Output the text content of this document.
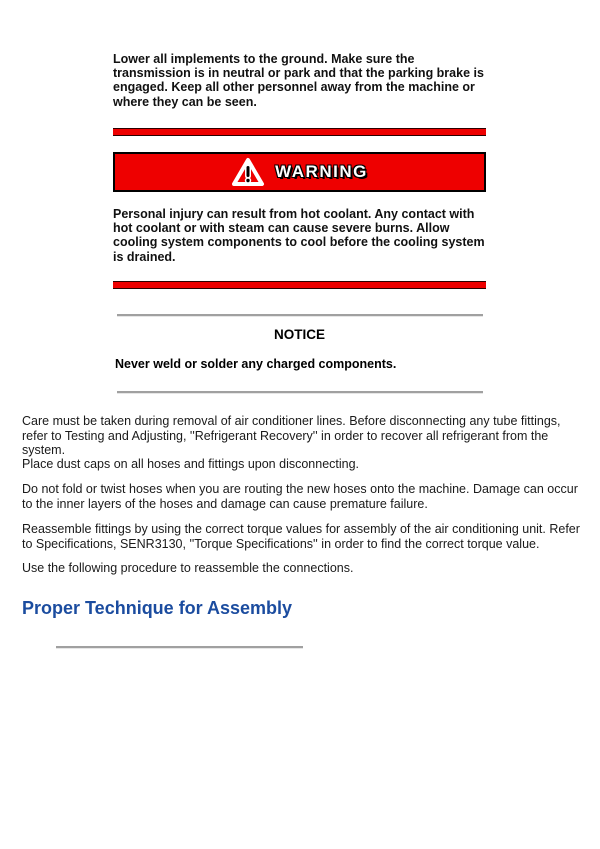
Lower all implements to the ground. Make sure the transmission is in neutral or park and that the parking brake is engaged. Keep all other personnel away from the machine or where they can be seen.

WARNING

Personal injury can result from hot coolant. Any contact with hot coolant or with steam can cause severe burns. Allow cooling system components to cool before the cooling system is drained.

NOTICE

Never weld or solder any charged components.

Care must be taken during removal of air conditioner lines. Before disconnecting any tube fittings, refer to Testing and Adjusting, ''Refrigerant Recovery'' in order to recover all refrigerant from the system.

Place dust caps on all hoses and fittings upon disconnecting.

Do not fold or twist hoses when you are routing the new hoses onto the machine. Damage can occur to the inner layers of the hoses and damage can cause premature failure.

Reassemble fittings by using the correct torque values for assembly of the air conditioning unit. Refer to Specifications, SENR3130, ''Torque Specifications'' in order to find the correct torque value.

Use the following procedure to reassemble the connections.

Proper Technique for Assembly
